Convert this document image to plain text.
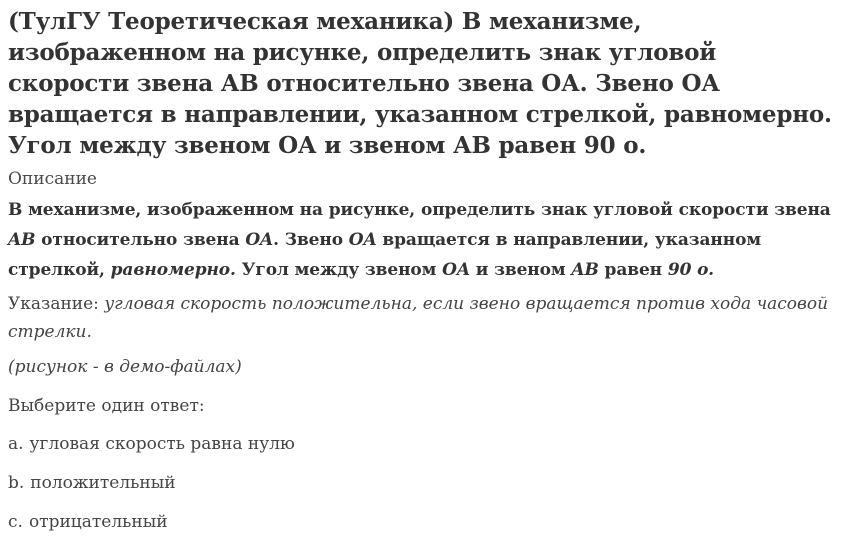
(ТулГУ Теоретическая механика) В механизме, изображенном на рисунке, определить знак угловой скорости звена АВ относительно звена ОА. Звено ОА вращается в направлении, указанном стрелкой, равномерно. Угол между звеном ОА и звеном АВ равен 90 о.
Описание
В механизме, изображенном на рисунке, определить знак угловой скорости звена AB относительно звена OA. Звено OA вращается в направлении, указанном стрелкой, равномерно. Угол между звеном OA и звеном AB равен 90 o.
Указание: угловая скорость положительна, если звено вращается против хода часовой стрелки.
(рисунок - в демо-файлах)
Выберите один ответ:
a. угловая скорость равна нулю
b. положительный
c. отрицательный
